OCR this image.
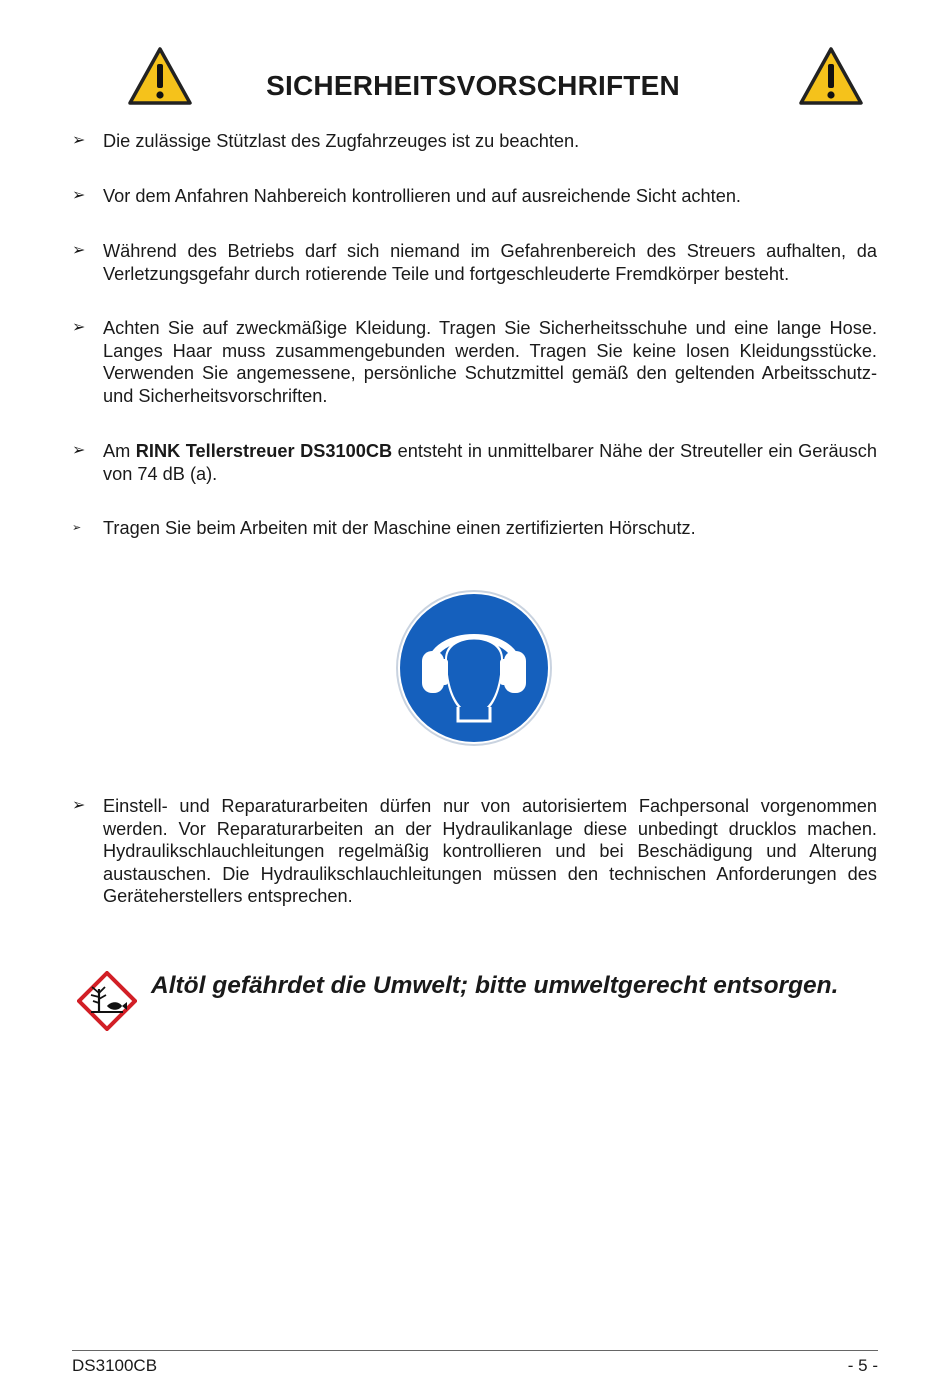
SICHERHEITSVORSCHRIFTEN
➢ Die zulässige Stützlast des Zugfahrzeuges ist zu beachten.
➢ Vor dem Anfahren Nahbereich kontrollieren und auf ausreichende Sicht achten.
➢ Während des Betriebs darf sich niemand im Gefahrenbereich des Streuers aufhalten, da Verletzungsgefahr durch rotierende Teile und fortgeschleuderte Fremdkörper besteht.
➢ Achten Sie auf zweckmäßige Kleidung. Tragen Sie Sicherheitsschuhe und eine lange Hose. Langes Haar muss zusammengebunden werden. Tragen Sie keine losen Kleidungsstücke. Verwenden Sie angemessene, persönliche Schutzmittel gemäß den geltenden Arbeitsschutz- und Sicherheitsvorschriften.
➢ Am RINK Tellerstreuer DS3100CB entsteht in unmittelbarer Nähe der Streuteller ein Geräusch von 74 dB (a).
➢	Tragen Sie beim Arbeiten mit der Maschine einen zertifizierten Hörschutz.
➢ Einstell- und Reparaturarbeiten dürfen nur von autorisiertem Fachpersonal vorgenommen werden. Vor Reparaturarbeiten an der Hydraulikanlage diese unbedingt drucklos machen. Hydraulikschlauchleitungen regelmäßig kontrollieren und bei Beschädigung und Alterung austauschen. Die Hydraulikschlauchleitungen müssen den technischen Anforderungen des Geräteherstellers entsprechen.
Altöl gefährdet die Umwelt; bitte umweltgerecht entsorgen.
DS3100CB	- 5 -
